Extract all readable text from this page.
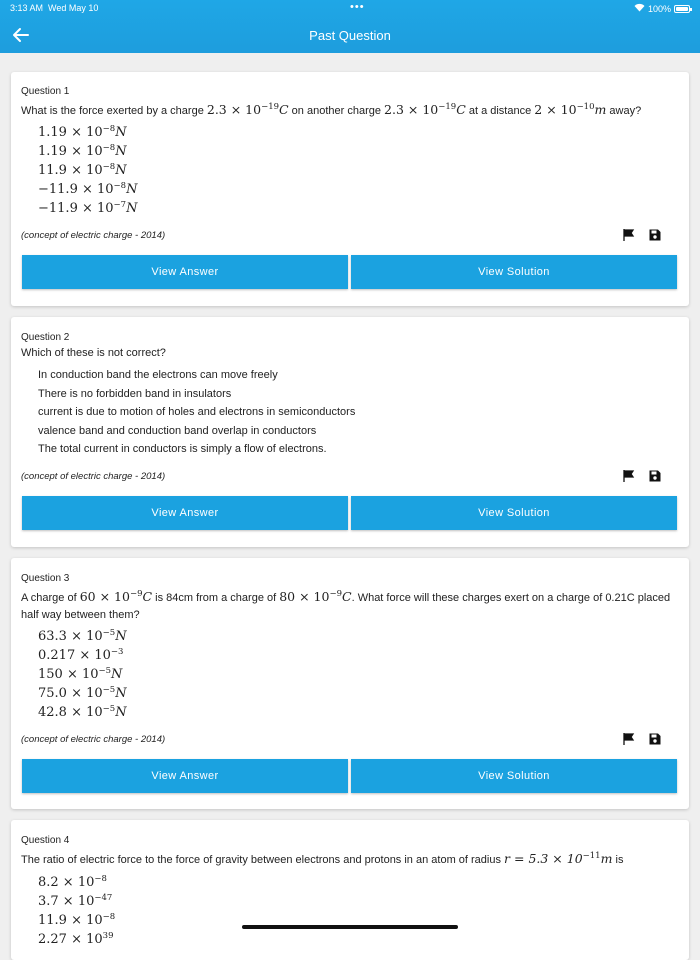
3:13 AM Wed May 10	•••	100%
Past Question
Question 1
What is the force exerted by a charge $2.3 \times 10^{-19}C$ on another charge $2.3 \times 10^{-19}C$ at a distance $2 \times 10^{-10}m$ away?
$1.19 \times 10^{-8}N$
$1.19 \times 10^{-8}N$
$11.9 \times 10^{-8}N$
$-11.9 \times 10^{-8}N$
$-11.9 \times 10^{-7}N$
(concept of electric charge - 2014)
View Answer	View Solution
Question 2
Which of these is not correct?
In conduction band the electrons can move freely
There is no forbidden band in insulators
current is due to motion of holes and electrons in semiconductors
valence band and conduction band overlap in conductors
The total current in conductors is simply a flow of electrons.
(concept of electric charge - 2014)
View Answer	View Solution
Question 3
A charge of $60 \times 10^{-9}C$ is 84cm from a charge of $80 \times 10^{-9}C$. What force will these charges exert on a charge of 0.21C placed half way between them?
$63.3 \times 10^{-5}N$
$0.217 \times 10^{-3}$
$150 \times 10^{-5}N$
$75.0 \times 10^{-5}N$
$42.8 \times 10^{-5}N$
(concept of electric charge - 2014)
View Answer	View Solution
Question 4
The ratio of electric force to the force of gravity between electrons and protons in an atom of radius $r = 5.3 \times 10^{-11}m$ is
$8.2 \times 10^{-8}$
$3.7 \times 10^{-47}$
$11.9 \times 10^{-8}$
$2.27 \times 10^{39}$
